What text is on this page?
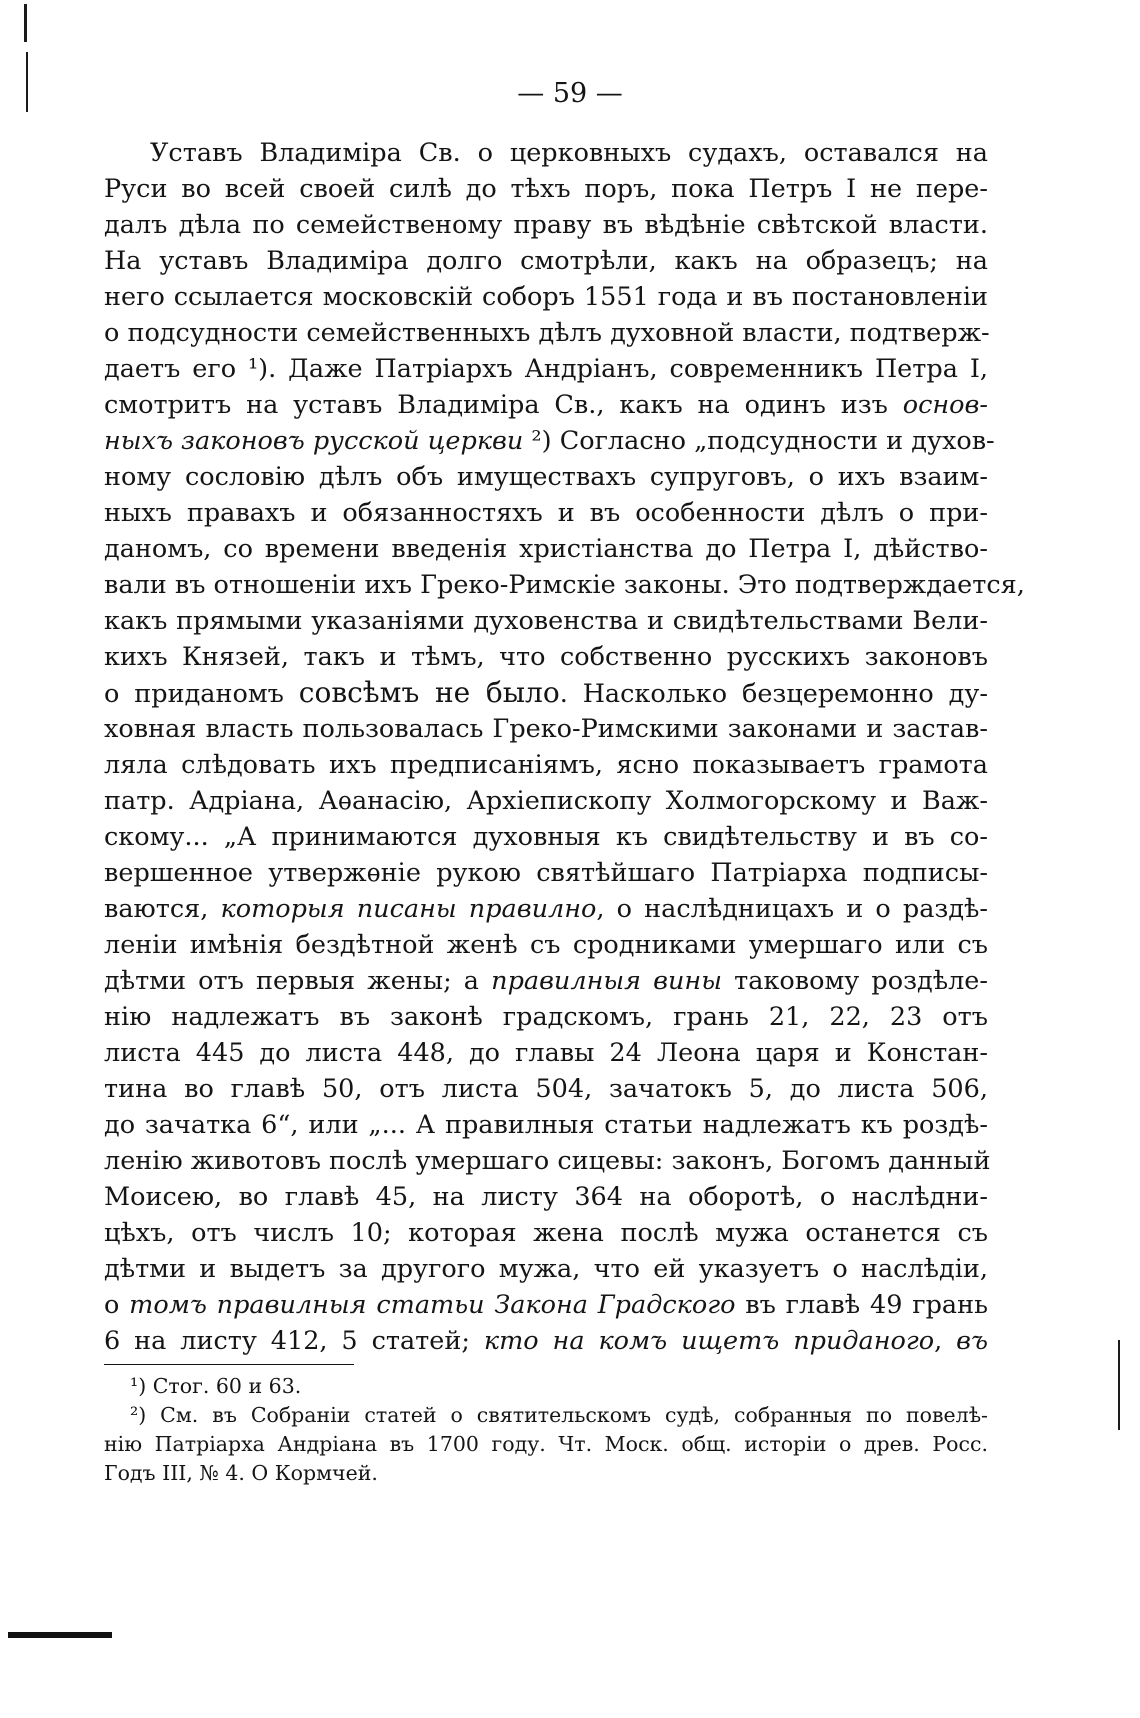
— 59 —
Уставъ Владиміра Св. о церковныхъ судахъ, оставался на
Руси во всей своей силѣ до тѣхъ поръ, пока Петръ I не пере-
далъ дѣла по семейственому праву въ вѣдѣніе свѣтской власти.
На уставъ Владиміра долго смотрѣли, какъ на образецъ; на
него ссылается московскій соборъ 1551 года и въ постановленіи
о подсудности семейственныхъ дѣлъ духовной власти, подтверж-
даетъ его ¹). Даже Патріархъ Андріанъ, современникъ Петра I,
смотритъ на уставъ Владиміра Св., какъ на одинъ изъ основ-
ныхъ законовъ русской церкви ²) Согласно „подсудности и духов-
ному сословію дѣлъ объ имуществахъ супруговъ, о ихъ взаим-
ныхъ правахъ и обязанностяхъ и въ особенности дѣлъ о при-
даномъ, со времени введенія христіанства до Петра I, дѣйство-
вали въ отношеніи ихъ Греко-Римскіе законы. Это подтверждается,
какъ прямыми указаніями духовенства и свидѣтельствами Вели-
кихъ Князей, такъ и тѣмъ, что собственно русскихъ законовъ
о приданомъ совсѣмъ не было. Насколько безцеремонно ду-
ховная власть пользовалась Греко-Римскими законами и застав-
ляла слѣдовать ихъ предписаніямъ, ясно показываетъ грамота
патр. Адріана, Аѳанасію, Архіепископу Холмогорскому и Важ-
скому... „А принимаются духовныя къ свидѣтельству и въ со-
вершенное утвержѳніе рукою святѣйшаго Патріарха подписы-
ваются, которыя писаны правилно, о наслѣдницахъ и о раздѣ-
леніи имѣнія бездѣтной женѣ съ сродниками умершаго или съ
дѣтми отъ первыя жены; а правилныя вины таковому роздѣле-
нію надлежатъ въ законѣ градскомъ, грань 21, 22, 23 отъ
листа 445 до листа 448, до главы 24 Леона царя и Констан-
тина во главѣ 50, отъ листа 504, зачатокъ 5, до листа 506,
до зачатка 6“, или „... А правилныя статьи надлежатъ къ роздѣ-
ленію животовъ послѣ умершаго сицевы: законъ, Богомъ данный
Моисею, во главѣ 45, на листу 364 на оборотѣ, о наслѣдни-
цѣхъ, отъ числъ 10; которая жена послѣ мужа останется съ
дѣтми и выдетъ за другого мужа, что ей указуетъ о наслѣдіи,
о томъ правилныя статьи Закона Градского въ главѣ 49 грань
6 на листу 412, 5 статей; кто на комъ ищетъ приданого, въ
¹) Стог. 60 и 63.
²) См. въ Собраніи статей о святительскомъ судѣ, собранныя по повелѣ-
нію Патріарха Андріана въ 1700 году. Чт. Моск. общ. исторіи о древ. Росс.
Годъ III, № 4. О Кормчей.
